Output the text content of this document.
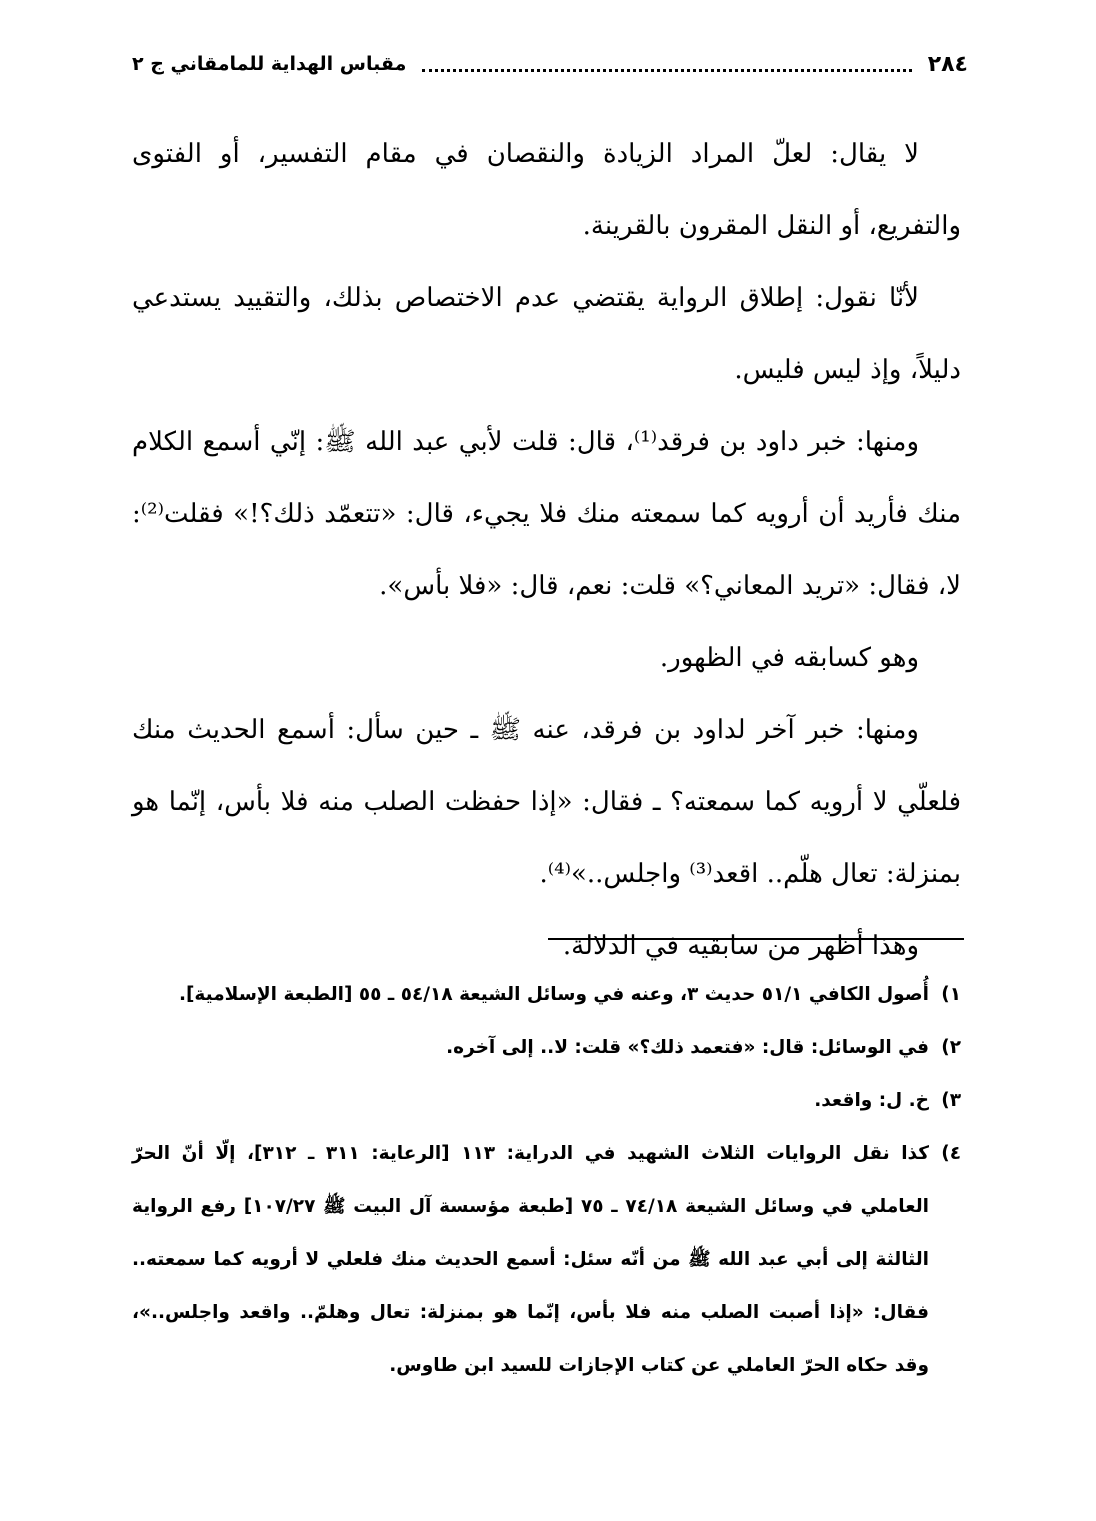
٢٨٤
مقباس الهداية للمامقاني ج ٢

لا يقال: لعلّ المراد الزيادة والنقصان في مقام التفسير، أو الفتوى والتفريع، أو النقل المقرون بالقرينة.

لأنّا نقول: إطلاق الرواية يقتضي عدم الاختصاص بذلك، والتقييد يستدعي دليلاً، وإذ ليس فليس.

ومنها: خبر داود بن فرقد⁽¹⁾، قال: قلت لأبي عبد الله ﷺ: إنّي أسمع الكلام منك فأريد أن أرويه كما سمعته منك فلا يجيء، قال: «تتعمّد ذلك؟!» فقلت⁽²⁾: لا، فقال: «تريد المعاني؟» قلت: نعم، قال: «فلا بأس».

وهو كسابقه في الظهور.

ومنها: خبر آخر لداود بن فرقد، عنه ﷺ ـ حين سأل: أسمع الحديث منك فلعلّي لا أرويه كما سمعته؟ ـ فقال: «إذا حفظت الصلب منه فلا بأس، إنّما هو بمنزلة: تعال هلّم.. اقعد⁽³⁾ واجلس..»⁽⁴⁾.

وهذا أظهر من سابقيه في الدلالة.

١)
أُصول الكافي ٥١/١ حديث ٣، وعنه في وسائل الشيعة ٥٤/١٨ ـ ٥٥ [الطبعة الإسلامية].
٢)
في الوسائل: قال: «فتعمد ذلك؟» قلت: لا.. إلى آخره.
٣)
خ. ل: واقعد.
٤)
كذا نقل الروايات الثلاث الشهيد في الدراية: ١١٣ [الرعاية: ٣١١ ـ ٣١٢]، إلّا أنّ الحرّ العاملي في وسائل الشيعة ٧٤/١٨ ـ ٧٥ [طبعة مؤسسة آل البيت ﷺ ١٠٧/٢٧] رفع الرواية الثالثة إلى أبي عبد الله ﷺ من أنّه سئل: أسمع الحديث منك فلعلي لا أرويه كما سمعته.. فقال: «إذا أصبت الصلب منه فلا بأس، إنّما هو بمنزلة: تعال وهلمّ.. واقعد واجلس..»، وقد حكاه الحرّ العاملي عن كتاب الإجازات للسيد ابن طاوس.
